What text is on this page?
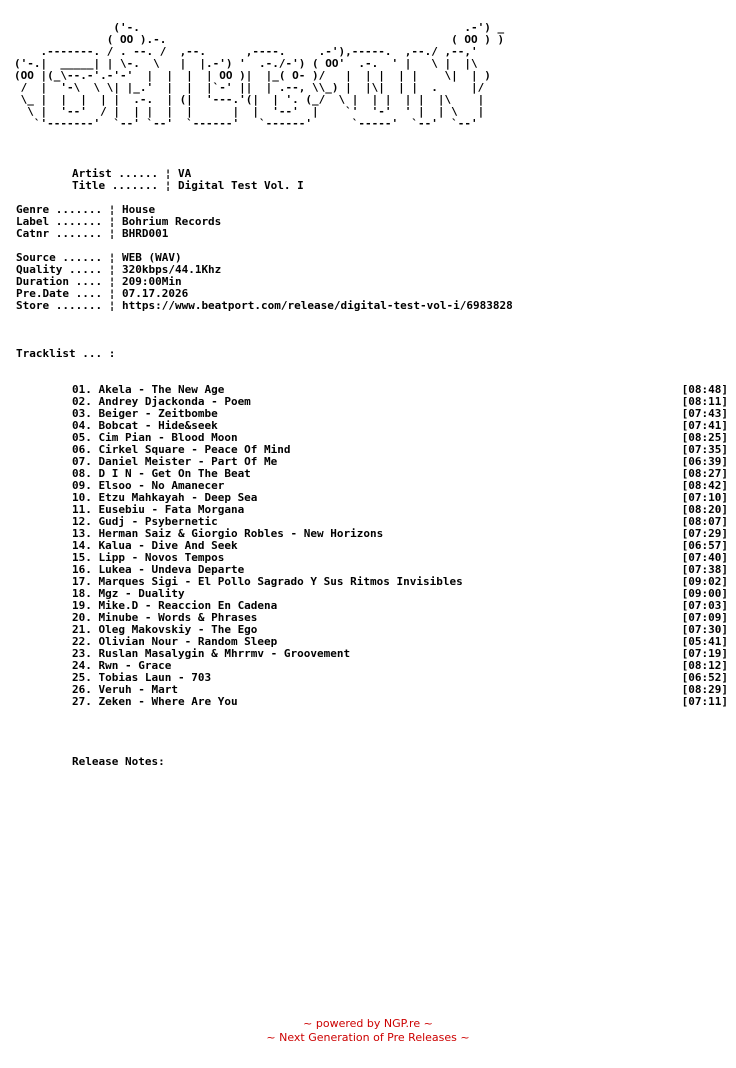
('-.                                                 .-') _
( OO ).-.                                           ( OO ) )
.-------. / . --. /  ,--.      ,----.     .-'),-----.  ,--./ ,--,'
('-.|  _____| | \-.  \   |  |.-') '  .-./-') ( OO'  .-.  ' |   \ |  |\
(OO |(_\--.-'.-'-'  |  |  |  | OO )|  |_( O- )/   |  | |  | |    \|  | )
/  |  '-\  \ \| |_.'  |  |  |`-' ||  | .--, \\_) |  |\|  | |  .     |/
\_ |  |  |  | |  .-.  | (|  '---.'(|  | '. (_/  \ |  | |  | |  |\    |
\ |  '--'  / |  | |  |  |      |  |  '--'  |    `'  '-'  ' |  | \   |
`'-------'  `--' `--'  `------'   `------'      `-----'  `--'  `--'
Artist ...... ¦ VA
Title ....... ¦ Digital Test Vol. I
Genre ....... ¦ House
Label ....... ¦ Bohrium Records
Catnr ....... ¦ BHRD001
Source ...... ¦ WEB (WAV)
Quality ..... ¦ 320kbps/44.1Khz
Duration .... ¦ 209:00Min
Pre.Date .... ¦ 07.17.2026
Store ....... ¦ https://www.beatport.com/release/digital-test-vol-i/6983828
Tracklist ... :
01. Akela - The New Age	[08:48]
02. Andrey Djackonda - Poem	[08:11]
03. Beiger - Zeitbombe	[07:43]
04. Bobcat - Hide&seek	[07:41]
05. Cim Pian - Blood Moon	[08:25]
06. Cirkel Square - Peace Of Mind	[07:35]
07. Daniel Meister - Part Of Me	[06:39]
08. D I N - Get On The Beat	[08:27]
09. Elsoo - No Amanecer	[08:42]
10. Etzu Mahkayah - Deep Sea	[07:10]
11. Eusebiu - Fata Morgana	[08:20]
12. Gudj - Psybernetic	[08:07]
13. Herman Saiz & Giorgio Robles - New Horizons	[07:29]
14. Kalua - Dive And Seek	[06:57]
15. Lipp - Novos Tempos	[07:40]
16. Lukea - Undeva Departe	[07:38]
17. Marques Sigi - El Pollo Sagrado Y Sus Ritmos Invisibles	[09:02]
18. Mgz - Duality	[09:00]
19. Mike.D - Reaccion En Cadena	[07:03]
20. Minube - Words & Phrases	[07:09]
21. Oleg Makovskiy - The Ego	[07:30]
22. Olivian Nour - Random Sleep	[05:41]
23. Ruslan Masalygin & Mhrrmv - Groovement	[07:19]
24. Rwn - Grace	[08:12]
25. Tobias Laun - 703	[06:52]
26. Veruh - Mart	[08:29]
27. Zeken - Where Are You	[07:11]
Release Notes:
~ powered by NGP.re ~
~ Next Generation of Pre Releases ~
